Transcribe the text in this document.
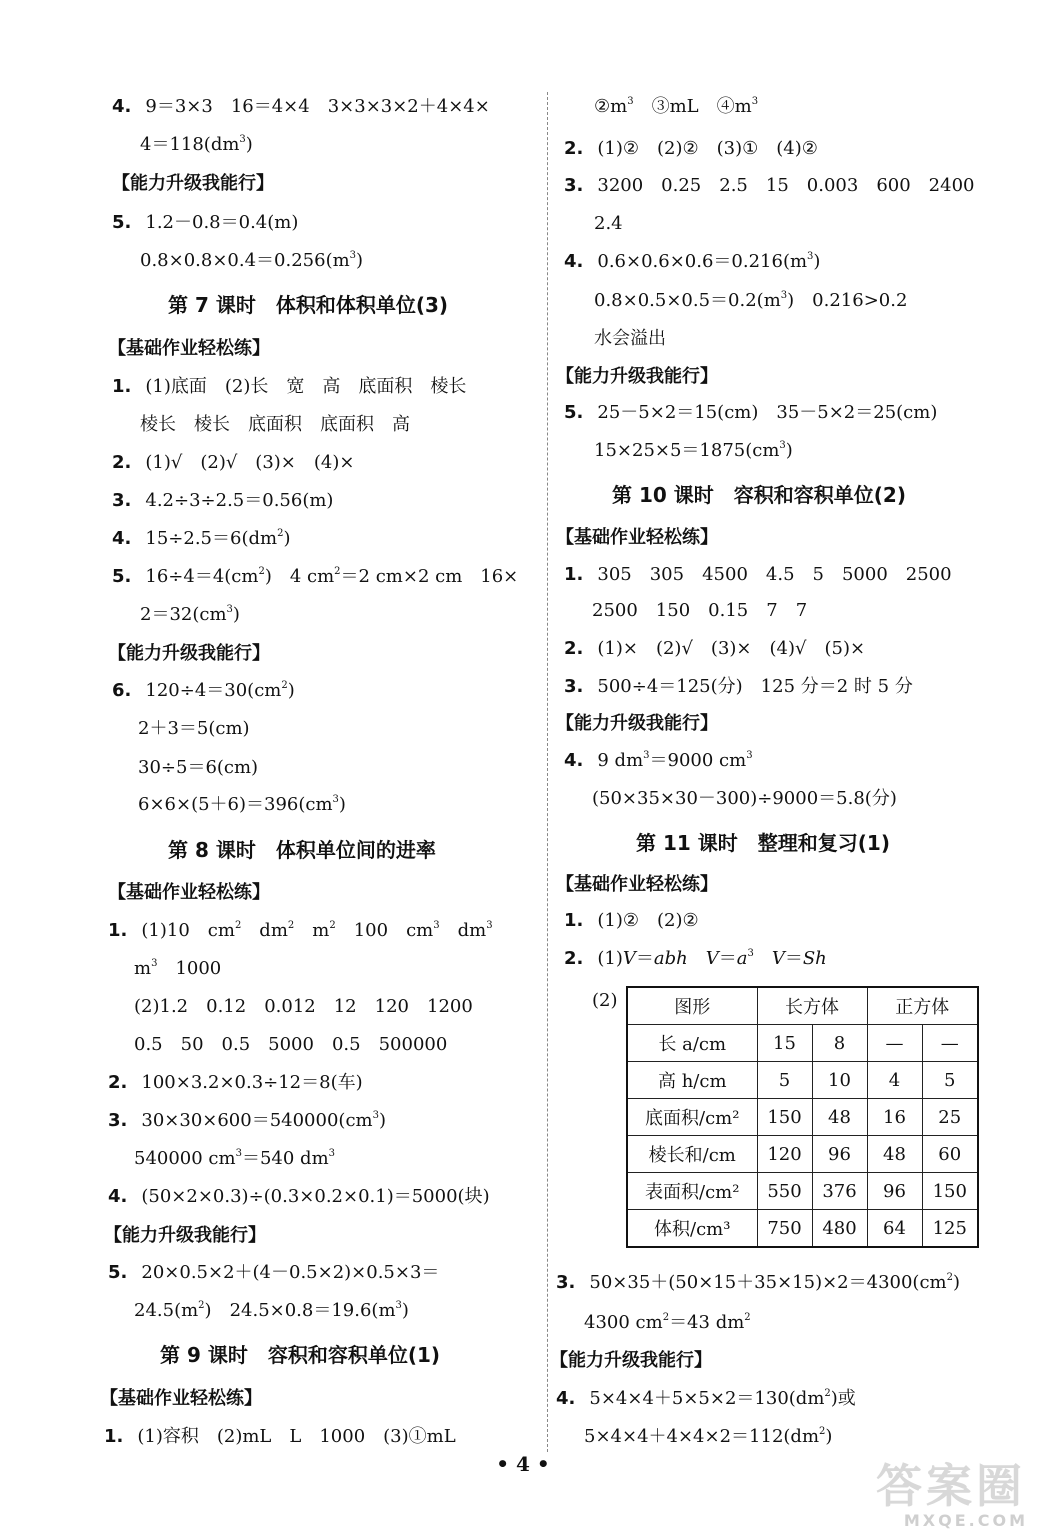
4. 9＝3×3　16＝4×4　3×3×3×2＋4×4×
$4=118(dm^3)$
【能力升级我能行】
5. 1.2－0.8＝0.4(m)
$0.8\times 0.8\times 0.4=0.256(m^3)$
第 7 课时　体积和体积单位(3)
【基础作业轻松练】
1. (1)底面　(2)长　宽　高　底面积　棱长
棱长　棱长　底面积　底面积　高
2. (1)√　(2)√　(3)×　(4)×
3. 4.2÷3÷2.5＝0.56(m)
4. $15\div 2.5=6(dm^2)$
5. $16\div 4=4(cm^2)$　4 $cm^2=2$ cm×2 cm　16×
$2=32(cm^3)$
【能力升级我能行】
6. $120\div 4=30(cm^2)$
2＋3＝5(cm)
30÷5＝6(cm)
$6\times 6\times(5+6)=396(cm^3)$
第 8 课时　体积单位间的进率
【基础作业轻松练】
1. (1)10　$cm^2$　$dm^2$　$m^2$　100　$cm^3$　$dm^3$
$m^3$　1000
(2)1.2　0.12　0.012　12　120　1200
0.5　50　0.5　5000　0.5　500000
2. 100×3.2×0.3÷12＝8(车)
3. $30\times 30\times 600=540000(cm^3)$
540000 $cm^3=540$ $dm^3$
4. (50×2×0.3)÷(0.3×0.2×0.1)＝5000(块)
【能力升级我能行】
5. 20×0.5×2＋(4－0.5×2)×0.5×3＝
$24.5(m^2)$　$24.5\times 0.8=19.6(m^3)$
第 9 课时　容积和容积单位(1)
【基础作业轻松练】
1. (1)容积　(2)mL　L　1000　(3)①mL
$②m^3$　③mL　$④m^3$
2. (1)②　(2)②　(3)①　(4)②
3. 3200　0.25　2.5　15　0.003　600　2400
2.4
4. $0.6\times 0.6\times 0.6=0.216(m^3)$
$0.8\times 0.5\times 0.5=0.2(m^3)$　0.216>0.2
水会溢出
【能力升级我能行】
5. 25－5×2＝15(cm)　35－5×2＝25(cm)
$15\times 25\times 5=1875(cm^3)$
第 10 课时　容积和容积单位(2)
【基础作业轻松练】
1. 305　305　4500　4.5　5　5000　2500
2500　150　0.15　7　7
2. (1)×　(2)√　(3)×　(4)√　(5)×
3. 500÷4＝125(分)　125 分＝2 时 5 分
【能力升级我能行】
4. 9 $dm^3=9000$ $cm^3$
(50×35×30－300)÷9000＝5.8(分)
第 11 课时　整理和复习(1)
【基础作业轻松练】
1. (1)②　(2)②
2. (1)V＝abh　 $V=a^3$　 V＝Sh
(2)	图形	长方体		正方体	
长 a/cm	15	8	—	—
高 h/cm	5	10	4	5
底面积/cm²	150	48	16	25
棱长和/cm	120	96	48	60
表面积/cm²	550	376	96	150
体积/cm³	750	480	64	125
3. $50\times 35+(50\times 15+35\times 15)\times 2=4300(cm^2)$
4300 $cm^2=43$ $dm^2$
【能力升级我能行】
4. $5\times 4\times 4+5\times 5\times 2=130(dm^2)$或
$5\times 4\times 4+4\times 4\times 2=112(dm^2)$
• 4 •	答案圈
MXQE.COM
